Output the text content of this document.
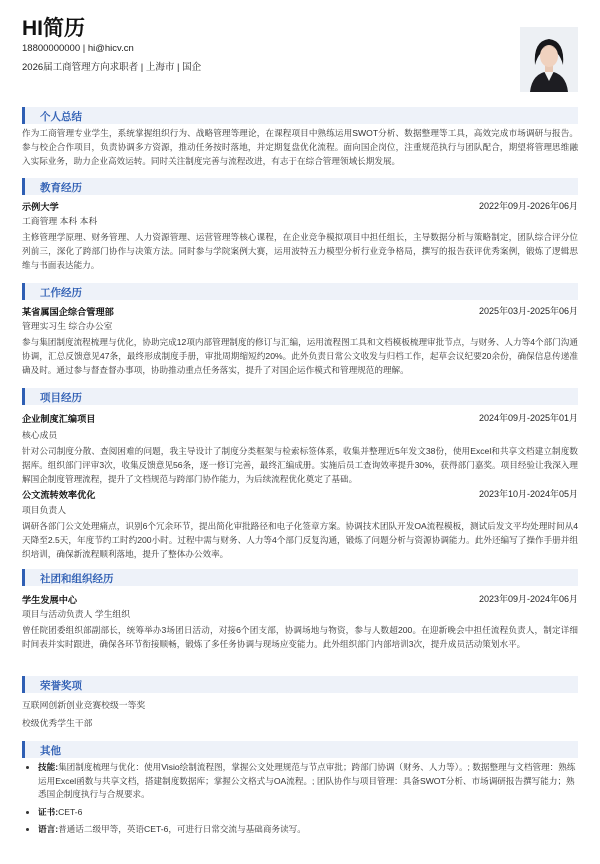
HI简历
18800000000 | hi@hicv.cn
2026届工商管理方向求职者 | 上海市 | 国企
个人总结

作为工商管理专业学生，系统掌握组织行为、战略管理等理论，在课程项目中熟练运用SWOT分析、数据整理等工具，高效完成市场调研与报告。参与校企合作项目，负责协调多方资源，推动任务按时落地，并定期复盘优化流程。面向国企岗位，注重规范执行与团队配合，期望将管理思维融入实际业务，助力企业高效运转。同时关注制度完善与流程改进，有志于在综合管理领域长期发展。

教育经历
示例大学	2022年09月-2026年06月
工商管理 本科 本科

主修管理学原理、财务管理、人力资源管理、运营管理等核心课程，在企业竞争模拟项目中担任组长，主导数据分析与策略制定，团队综合评分位列前三，深化了跨部门协作与决策方法。同时参与学院案例大赛，运用波特五力模型分析行业竞争格局，撰写的报告获评优秀案例，锻炼了逻辑思维与书面表达能力。

工作经历
某省属国企综合管理部	2025年03月-2025年06月
管理实习生 综合办公室

参与集团制度流程梳理与优化，协助完成12项内部管理制度的修订与汇编，运用流程图工具和文档模板梳理审批节点，与财务、人力等4个部门沟通协调，汇总反馈意见47条，最终形成制度手册，审批周期缩短约20%。此外负责日常公文收发与归档工作，起草会议纪要20余份，确保信息传递准确及时。通过参与督查督办事项，协助推动重点任务落实，提升了对国企运作模式和管理规范的理解。

项目经历
企业制度汇编项目	2024年09月-2025年01月
核心成员

针对公司制度分散、查阅困难的问题，我主导设计了制度分类框架与检索标签体系，收集并整理近5年发文38份，使用Excel和共享文档建立制度数据库。组织部门评审3次，收集反馈意见56条，逐一修订完善，最终汇编成册。实施后员工查询效率提升30%，获得部门嘉奖。项目经验让我深入理解国企制度管理流程，提升了文档规范与跨部门协作能力，为后续流程优化奠定了基础。

公文流转效率优化	2023年10月-2024年05月
项目负责人

调研各部门公文处理痛点，识别6个冗余环节，提出简化审批路径和电子化签章方案。协调技术团队开发OA流程模板，测试后发文平均处理时间从4天降至2.5天，年度节约工时约200小时。过程中需与财务、人力等4个部门反复沟通，锻炼了问题分析与资源协调能力。此外还编写了操作手册并组织培训，确保新流程顺利落地，提升了整体办公效率。

社团和组织经历
学生发展中心	2023年09月-2024年06月
项目与活动负责人 学生组织

曾任院团委组织部副部长，统筹举办3场团日活动，对接6个团支部，协调场地与物资，参与人数超200。在迎新晚会中担任流程负责人，制定详细时间表并实时跟进，确保各环节衔接顺畅，锻炼了多任务协调与现场应变能力。此外组织部门内部培训3次，提升成员活动策划水平。

荣誉奖项
互联网创新创业竞赛校级一等奖
校级优秀学生干部
其他
• 技能:集团制度梳理与优化：使用Visio绘制流程图，掌握公文处理规范与节点审批；跨部门协调（财务、人力等）。; 数据整理与文档管理：熟练运用Excel函数与共享文档，搭建制度数据库；掌握公文格式与OA流程。; 团队协作与项目管理：具备SWOT分析、市场调研报告撰写能力；熟悉国企制度执行与合规要求。
• 证书:CET-6
• 语言:普通话二级甲等，英语CET-6，可进行日常交流与基础商务读写。
